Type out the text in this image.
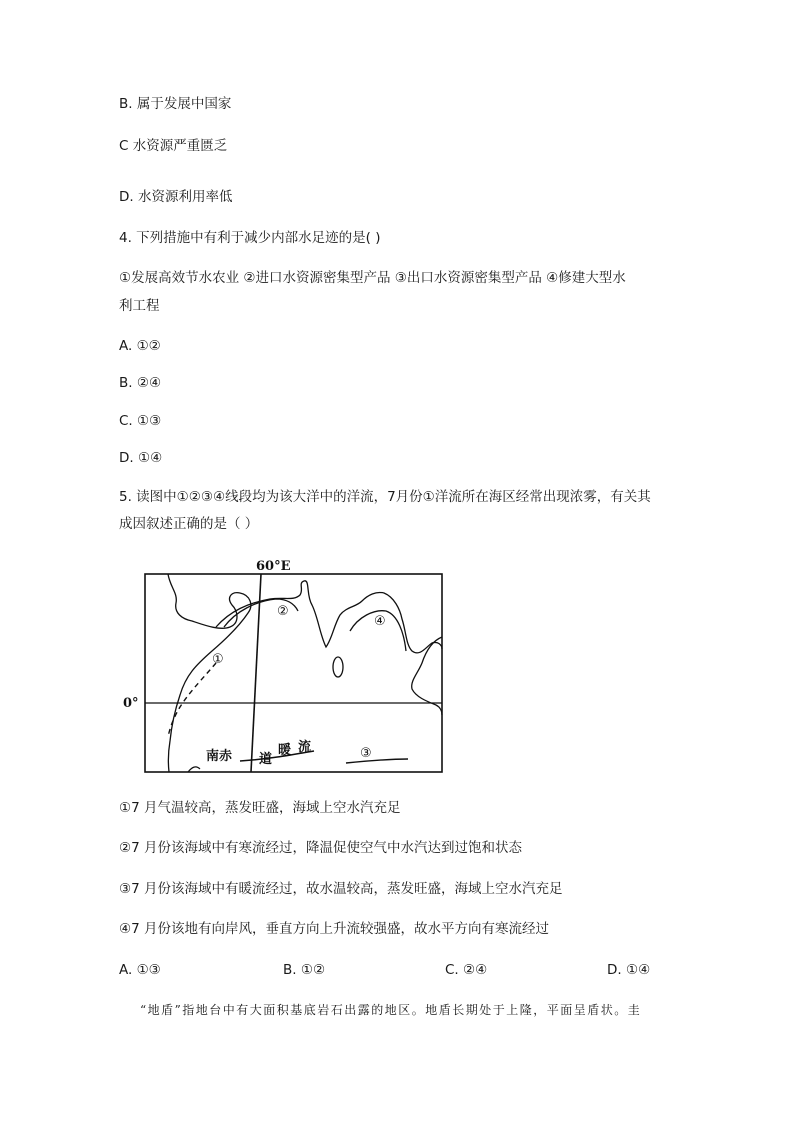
B. 属于发展中国家
C 水资源严重匮乏
D. 水资源利用率低
4. 下列措施中有利于减少内部水足迹的是( )
①发展高效节水农业 ②进口水资源密集型产品 ③出口水资源密集型产品 ④修建大型水
利工程
A. ①②
B. ②④
C. ①③
D. ①④
5. 读图中①②③④线段均为该大洋中的洋流，7月份①洋流所在海区经常出现浓雾，有关其
成因叙述正确的是（ ）
60°E
0°
①
②
④
南赤 道
暖 流	③
①7 月气温较高，蒸发旺盛，海域上空水汽充足
②7 月份该海域中有寒流经过，降温促使空气中水汽达到过饱和状态
③7 月份该海域中有暖流经过，故水温较高，蒸发旺盛，海域上空水汽充足
④7 月份该地有向岸风，垂直方向上升流较强盛，故水平方向有寒流经过
A. ①③	B. ①②	C. ②④	D. ①④
“地盾”指地台中有大面积基底岩石出露的地区。地盾长期处于上隆，平面呈盾状。圭
